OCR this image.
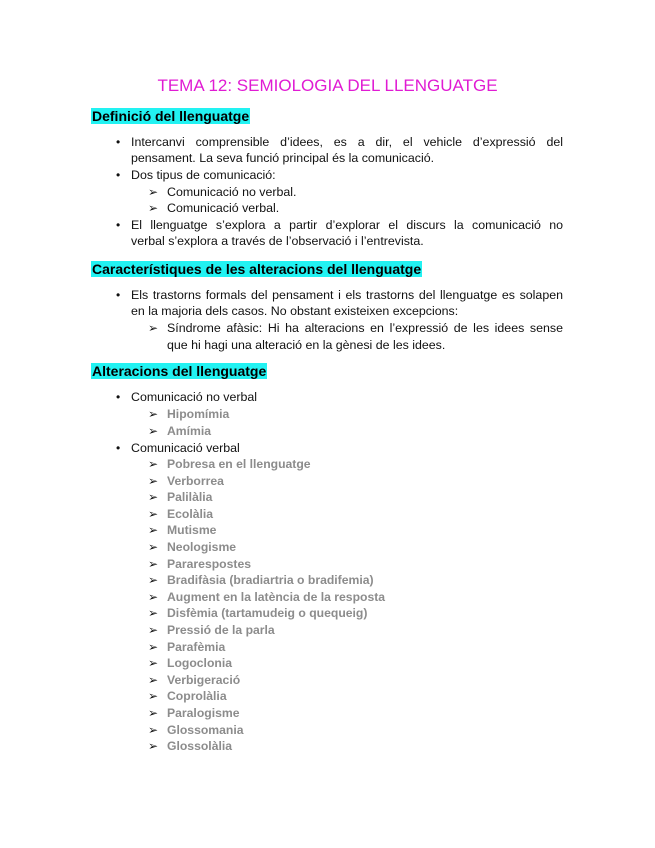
TEMA 12: SEMIOLOGIA DEL LLENGUATGE
Definició del llenguatge
• Intercanvi comprensible d’idees, es a dir, el vehicle d’expressió del
pensament. La seva funció principal és la comunicació.
• Dos tipus de comunicació:
➢ Comunicació no verbal.
➢ Comunicació verbal.
• El llenguatge s’explora a partir d’explorar el discurs la comunicació no
verbal s’explora a través de l’observació i l’entrevista.
Característiques de les alteracions del llenguatge
• Els trastorns formals del pensament i els trastorns del llenguatge es solapen
en la majoria dels casos. No obstant existeixen excepcions:
➢ Síndrome afàsic: Hi ha alteracions en l’expressió de les idees sense
que hi hagi una alteració en la gènesi de les idees.
Alteracions del llenguatge
• Comunicació no verbal
➢ Hipomímia
➢ Amímia
• Comunicació verbal
➢ Pobresa en el llenguatge
➢ Verborrea
➢ Palilàlia
➢ Ecolàlia
➢ Mutisme
➢ Neologisme
➢ Pararespostes
➢ Bradifàsia (bradiartria o bradifemia)
➢ Augment en la latència de la resposta
➢ Disfèmia (tartamudeig o quequeig)
➢ Pressió de la parla
➢ Parafèmia
➢ Logoclonia
➢ Verbigeració
➢ Coprolàlia
➢ Paralogisme
➢ Glossomania
➢ Glossolàlia
